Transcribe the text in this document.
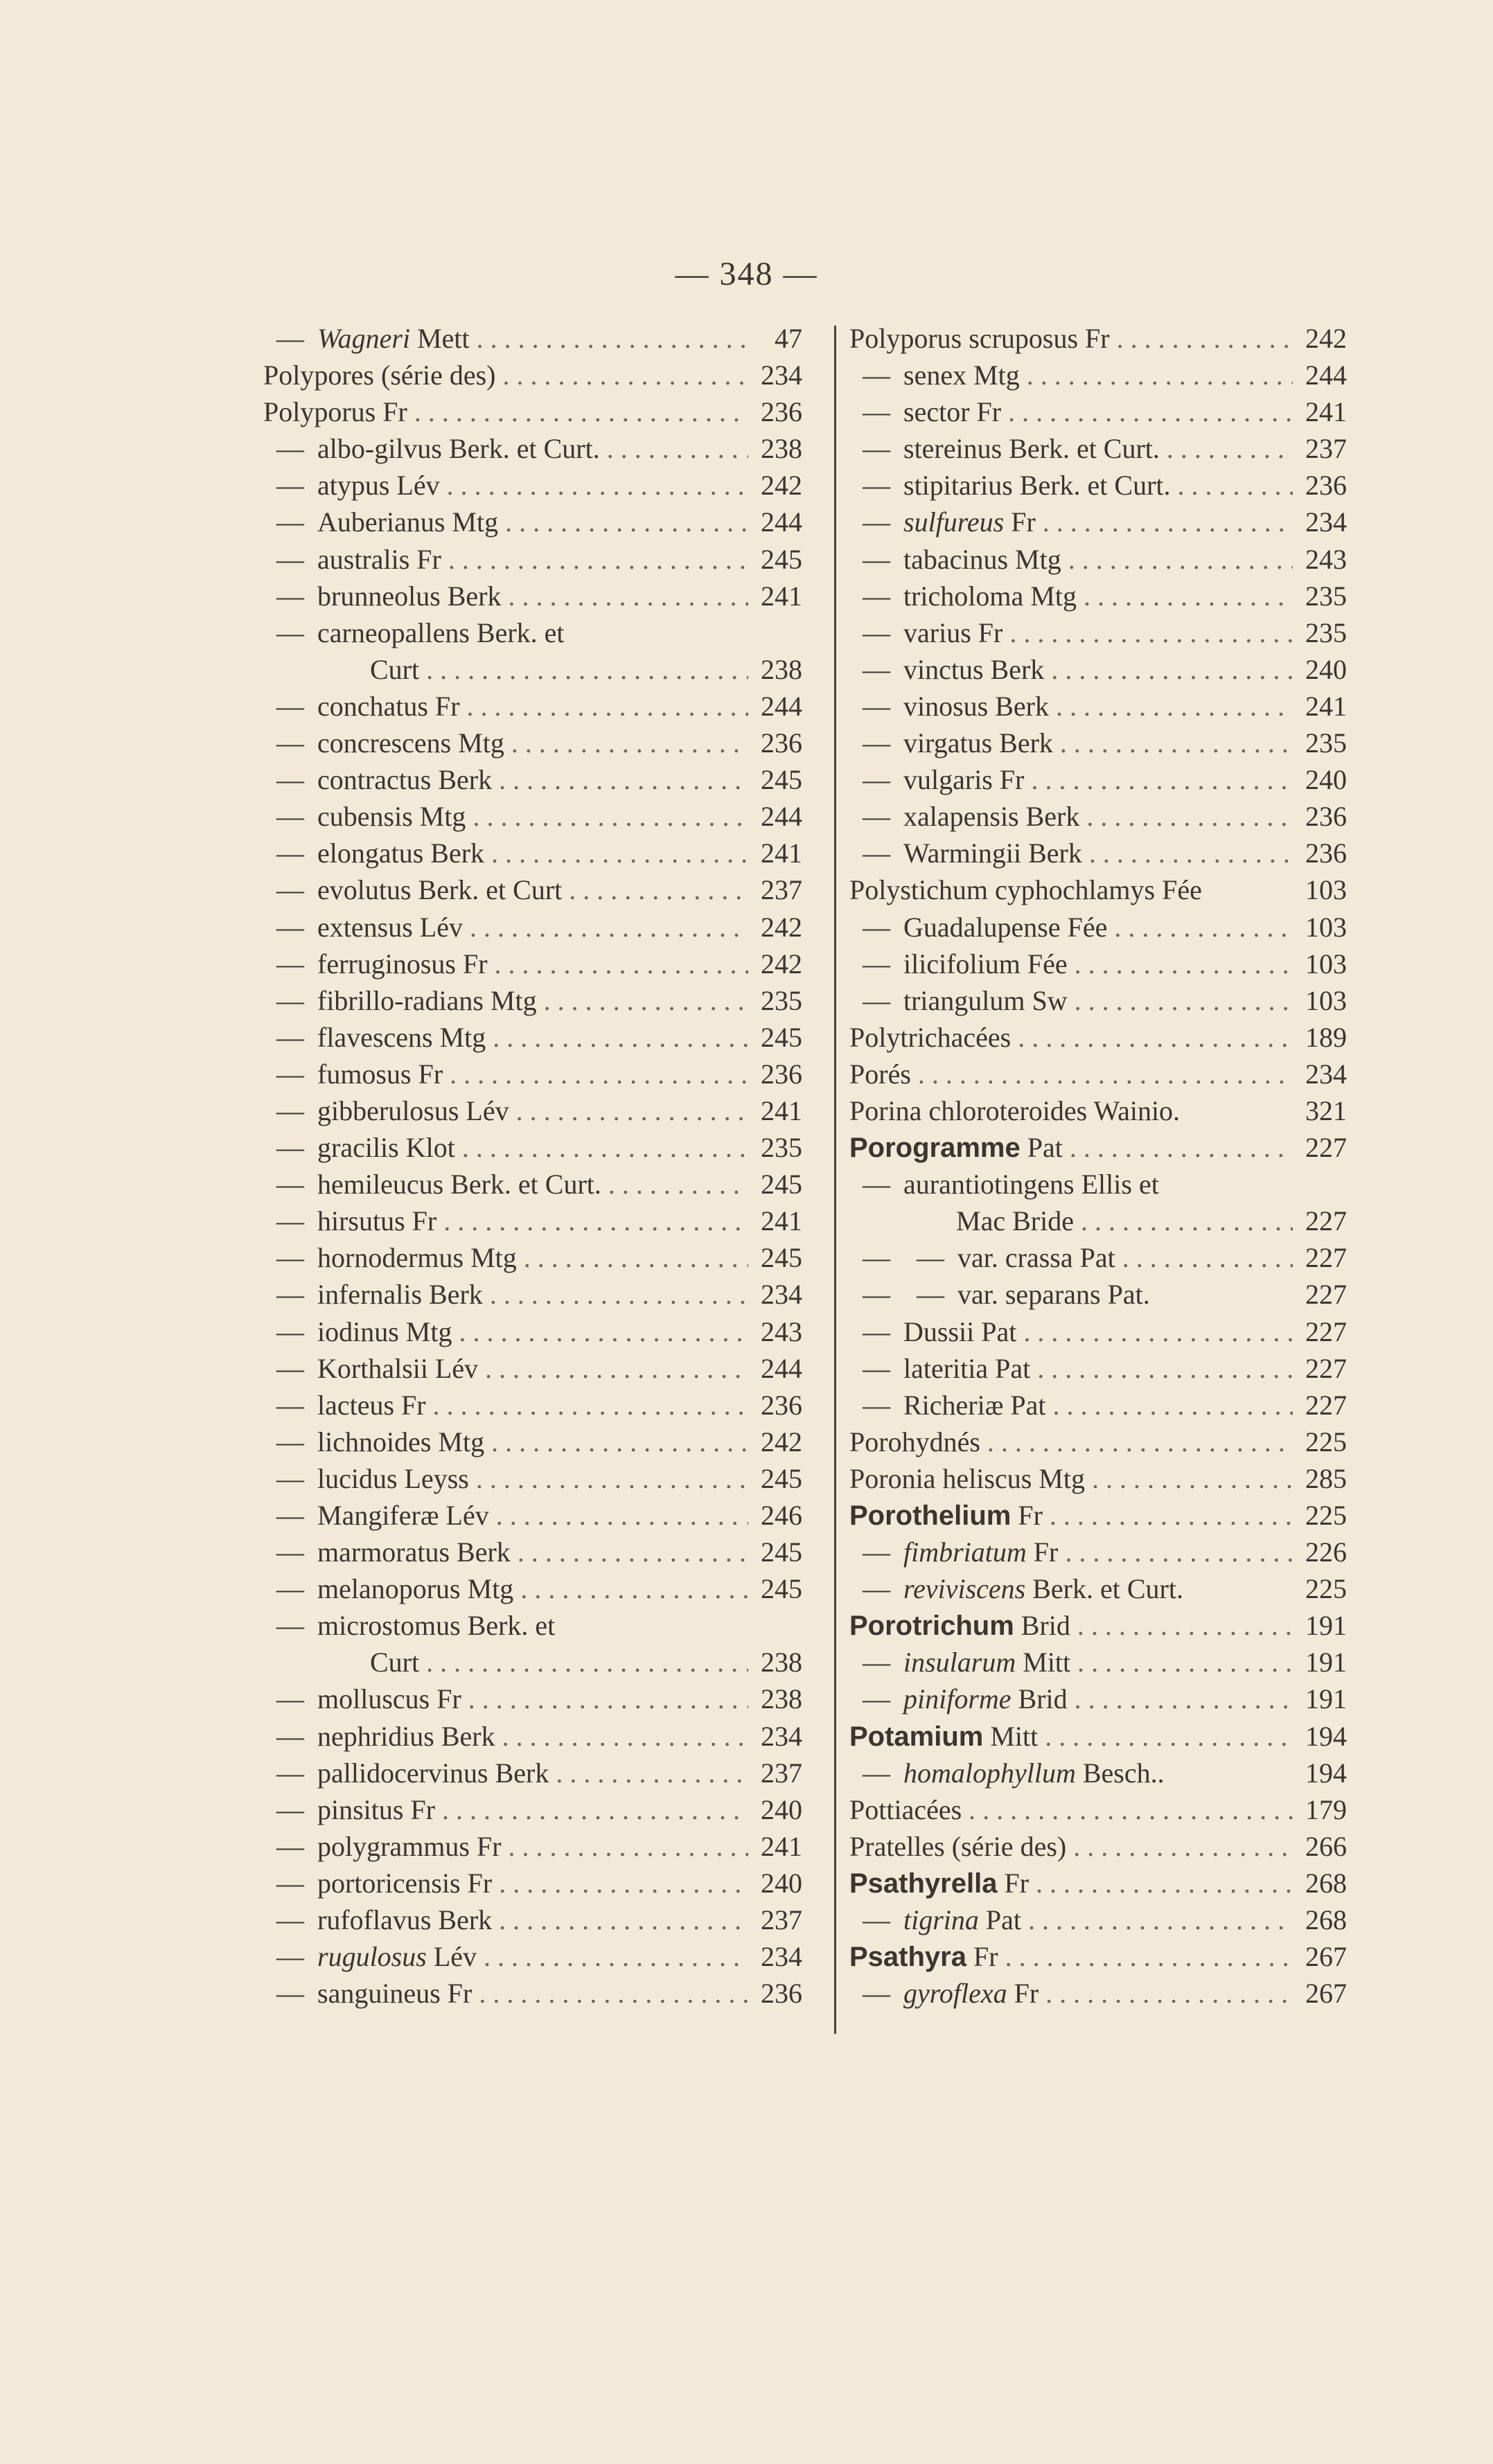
— 348 —
— Wagneri Mett . . .	47
Polypores (série des) . . .	234
Polyporus Fr . . .	236
— albo-gilvus Berk. et Curt. . . .	238
— atypus Lév . . .	242
— Auberianus Mtg . . .	244
— australis Fr . . .	245
— brunneolus Berk . . .	241
— carneopallens Berk. et
Curt . . .	238
— conchatus Fr . . .	244
— concrescens Mtg . . .	236
— contractus Berk . . .	245
— cubensis Mtg . . .	244
— elongatus Berk . . .	241
— evolutus Berk. et Curt . . .	237
— extensus Lév . . .	242
— ferruginosus Fr . . .	242
— fibrillo-radians Mtg . . .	235
— flavescens Mtg . . .	245
— fumosus Fr . . .	236
— gibberulosus Lév . . .	241
— gracilis Klot . . .	235
— hemileucus Berk. et Curt. . . .	245
— hirsutus Fr . . .	241
— hornodermus Mtg . . .	245
— infernalis Berk . . .	234
— iodinus Mtg . . .	243
— Korthalsii Lév . . .	244
— lacteus Fr . . .	236
— lichnoides Mtg . . .	242
— lucidus Leyss . . .	245
— Mangiferæ Lév . . .	246
— marmoratus Berk . . .	245
— melanoporus Mtg . . .	245
— microstomus Berk. et
Curt . . .	238
— molluscus Fr . . .	238
— nephridius Berk . . .	234
— pallidocervinus Berk . . .	237
— pinsitus Fr . . .	240
— polygrammus Fr . . .	241
— portoricensis Fr . . .	240
— rufoflavus Berk . . .	237
— rugulosus Lév . . .	234
— sanguineus Fr . . .	236
Polyporus scruposus Fr . . .	242
— senex Mtg . . .	244
— sector Fr . . .	241
— stereinus Berk. et Curt. . . .	237
— stipitarius Berk. et Curt. . . .	236
— sulfureus Fr . . .	234
— tabacinus Mtg . . .	243
— tricholoma Mtg . . .	235
— varius Fr . . .	235
— vinctus Berk . . .	240
— vinosus Berk . . .	241
— virgatus Berk . . .	235
— vulgaris Fr . . .	240
— xalapensis Berk . . .	236
— Warmingii Berk . . .	236
Polystichum cyphochlamys Fée	103
— Guadalupense Fée . . .	103
— ilicifolium Fée . . .	103
— triangulum Sw . . .	103
Polytrichacées . . .	189
Porés . . .	234
Porina chloroteroides Wainio.	321
Porogramme Pat . . .	227
— aurantiotingens Ellis et
Mac Bride . . .	227
— — var. crassa Pat . . .	227
— — var. separans Pat.	227
— Dussii Pat . . .	227
— lateritia Pat . . .	227
— Richeriæ Pat . . .	227
Porohydnés . . .	225
Poronia heliscus Mtg . . .	285
Porothelium Fr . . .	225
— fimbriatum Fr . . .	226
— reviviscens Berk. et Curt.	225
Porotrichum Brid . . .	191
— insularum Mitt . . .	191
— piniforme Brid . . .	191
Potamium Mitt . . .	194
— homalophyllum Besch..	194
Pottiacées . . .	179
Pratelles (série des) . . .	266
Psathyrella Fr . . .	268
— tigrina Pat . . .	268
Psathyra Fr . . .	267
— gyroflexa Fr . . .	267
